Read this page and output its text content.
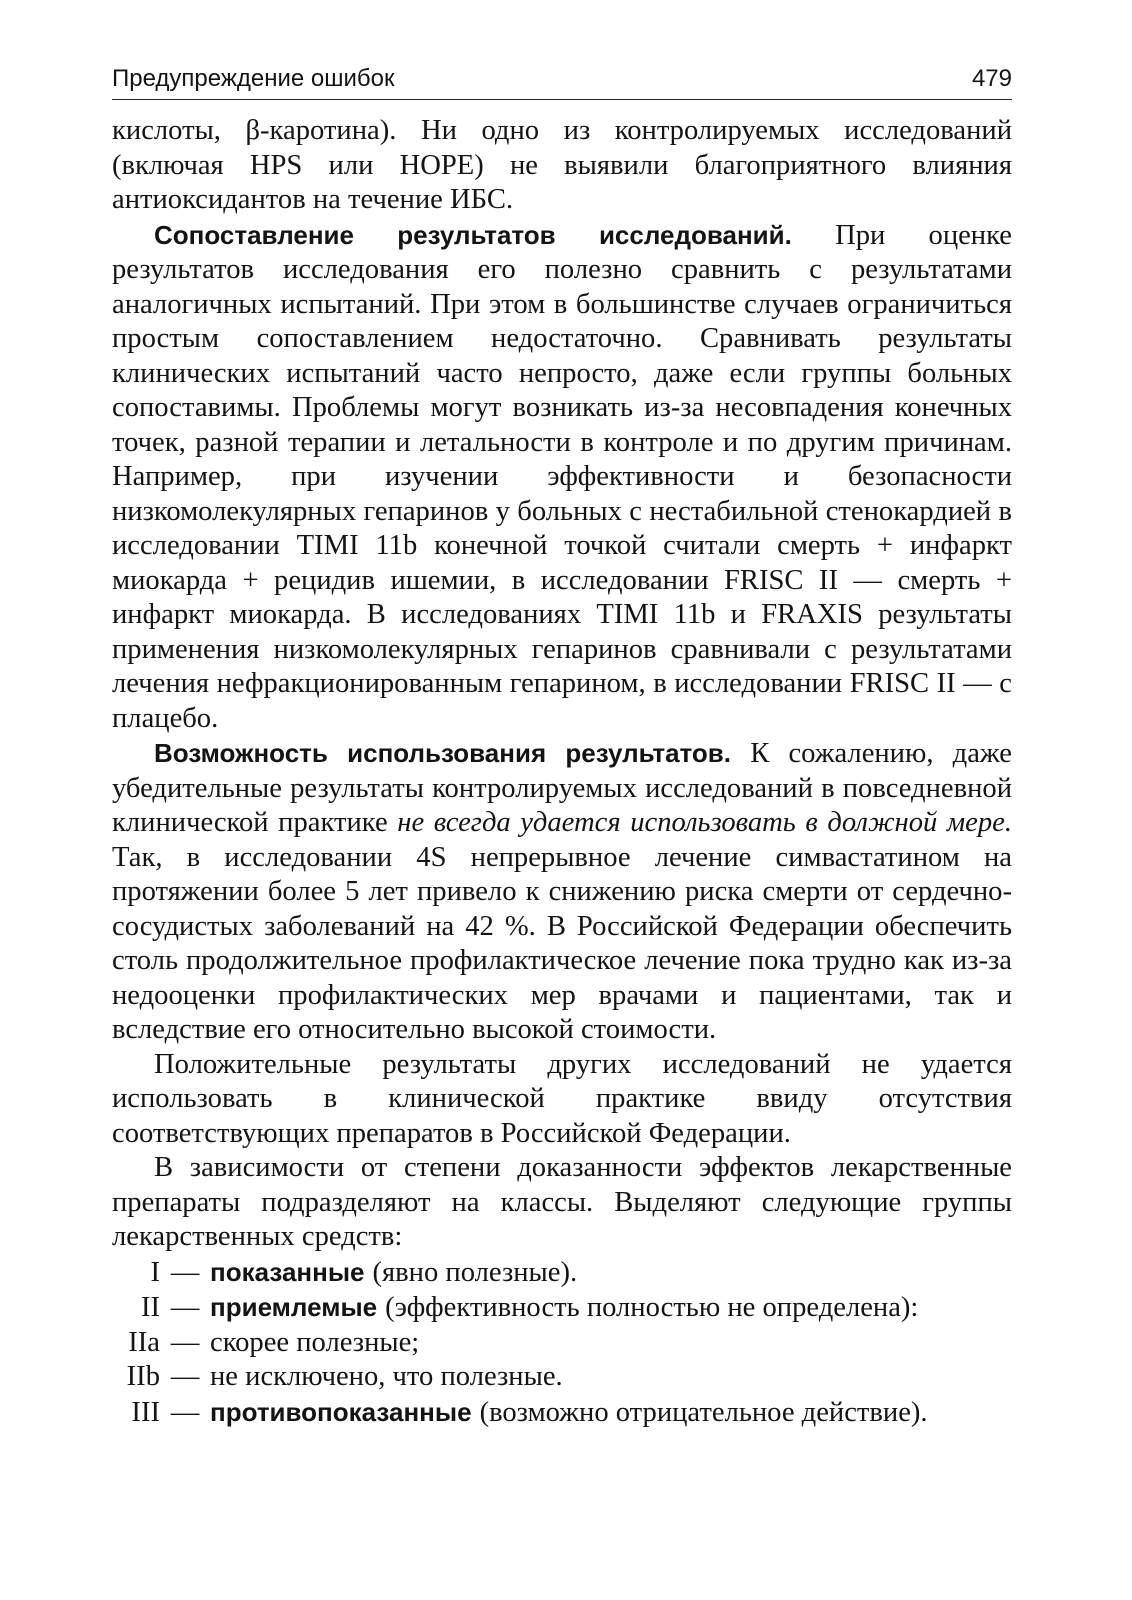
Предупреждение ошибок	479

кислоты, β-каротина). Ни одно из контролируемых исследований (включая HPS или HOPE) не выявили благоприятного влияния антиоксидантов на течение ИБС.

Сопоставление результатов исследований. При оценке результатов исследования его полезно сравнить с результатами аналогичных испытаний. При этом в большинстве случаев ограничиться простым сопоставлением недостаточно. Сравнивать результаты клинических испытаний часто непросто, даже если группы больных сопоставимы. Проблемы могут возникать из-за несовпадения конечных точек, разной терапии и летальности в контроле и по другим причинам. Например, при изучении эффективности и безопасности низкомолекулярных гепаринов у больных с нестабильной стенокардией в исследовании TIMI 11b конечной точкой считали смерть + инфаркт миокарда + рецидив ишемии, в исследовании FRISC II — смерть + инфаркт миокарда. В исследованиях TIMI 11b и FRAXIS результаты применения низкомолекулярных гепаринов сравнивали с результатами лечения нефракционированным гепарином, в исследовании FRISC II — с плацебо.

Возможность использования результатов. К сожалению, даже убедительные результаты контролируемых исследований в повседневной клинической практике не всегда удается использовать в должной мере. Так, в исследовании 4S непрерывное лечение симвастатином на протяжении более 5 лет привело к снижению риска смерти от сердечно-сосудистых заболеваний на 42 %. В Российской Федерации обеспечить столь продолжительное профилактическое лечение пока трудно как из-за недооценки профилактических мер врачами и пациентами, так и вследствие его относительно высокой стоимости.

Положительные результаты других исследований не удается использовать в клинической практике ввиду отсутствия соответствующих препаратов в Российской Федерации.

В зависимости от степени доказанности эффектов лекарственные препараты подразделяют на классы. Выделяют следующие группы лекарственных средств:

I — показанные (явно полезные).
II — приемлемые (эффективность полностью не определена):
IIa — скорее полезные;
IIb — не исключено, что полезные.
III — противопоказанные (возможно отрицательное действие).
